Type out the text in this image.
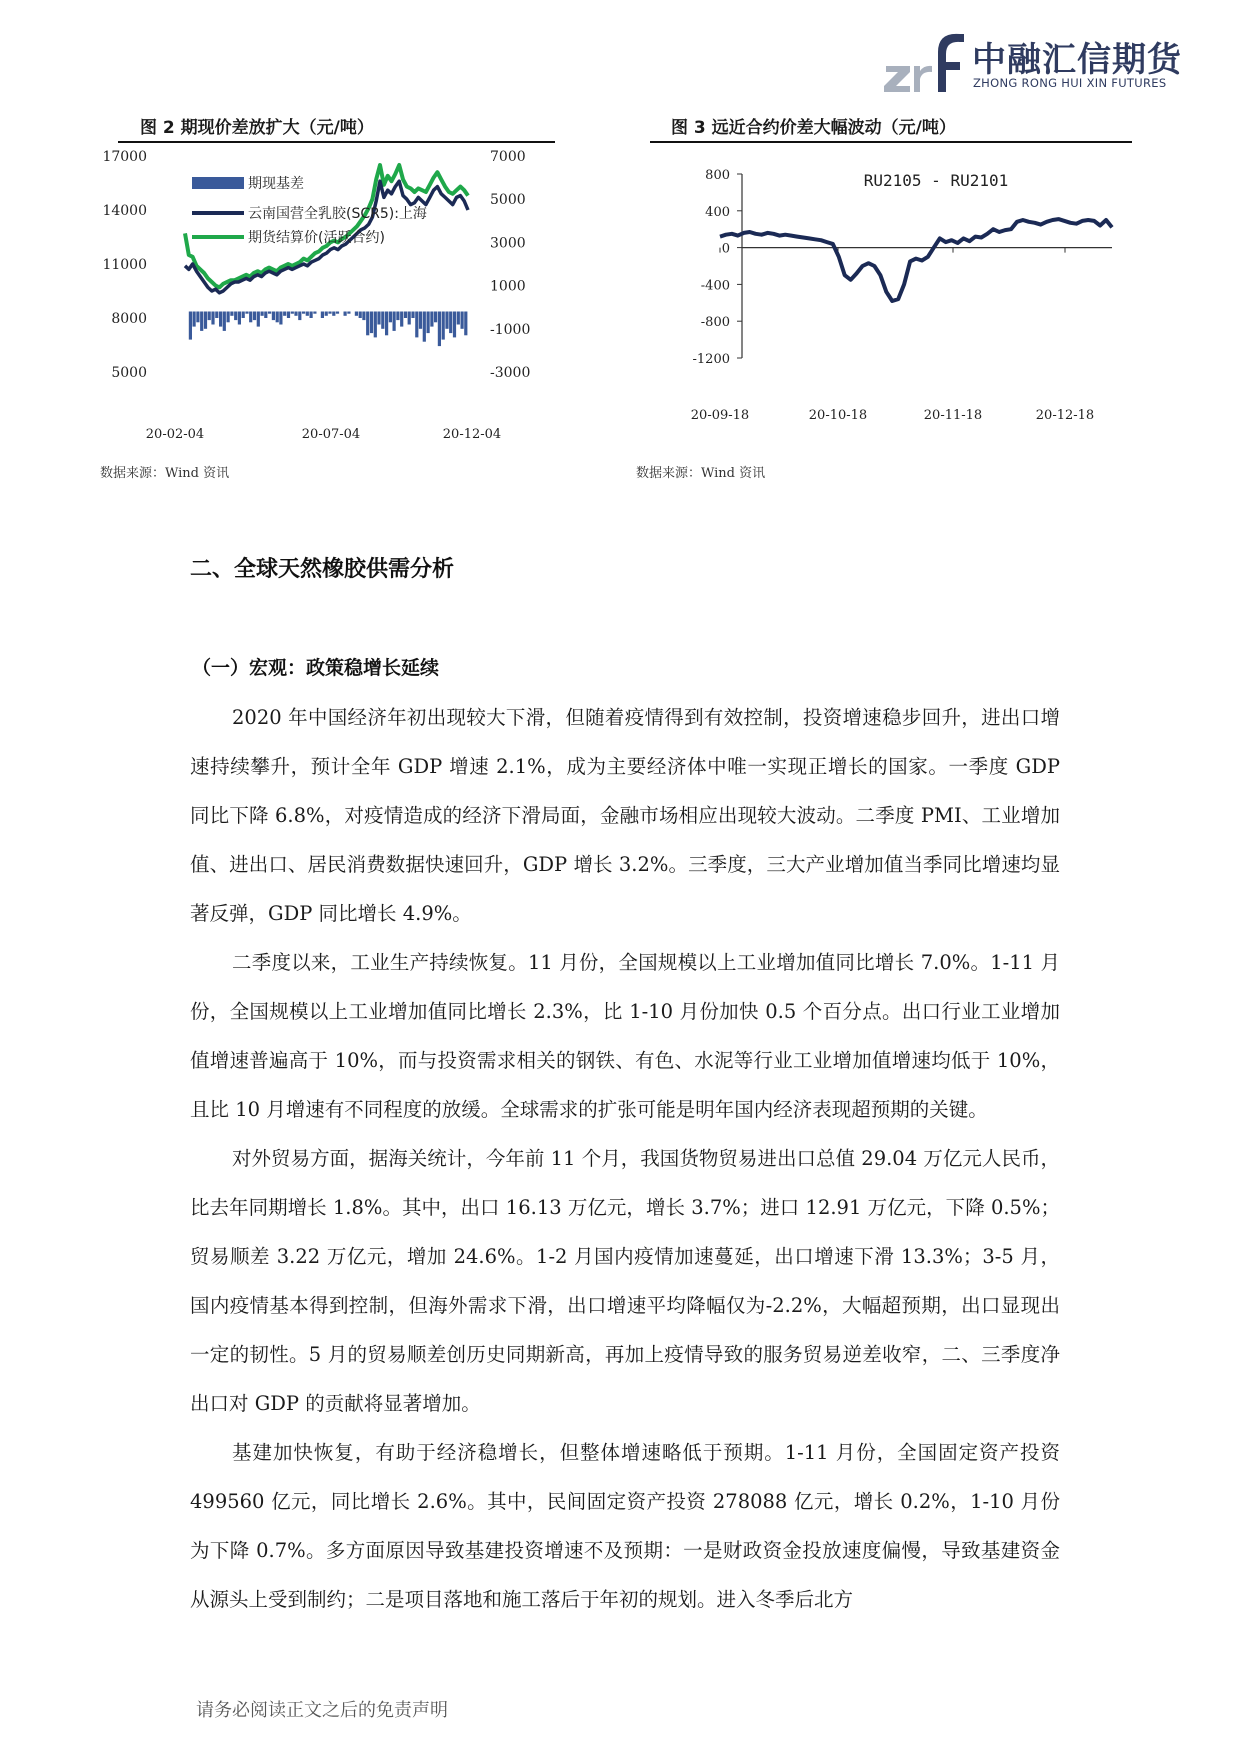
中融汇信期货
ZHONG RONG HUI XIN FUTURES
图 2 期现价差放扩大（元/吨）	图 3 远近合约价差大幅波动（元/吨）
期现基差
云南国营全乳胶(SCR5):上海
期货结算价(活跃合约)
17000
14000
11000
8000
5000
7000
5000
3000
1000
-1000
-3000
20-02-04	20-07-04	20-12-04
数据来源：Wind 资讯
RU2105 - RU2101
800
400
0
-400
-800
-1200
20-09-18	20-10-18	20-11-18	20-12-18
数据来源：Wind 资讯
二、全球天然橡胶供需分析
（一）宏观：政策稳增长延续

2020 年中国经济年初出现较大下滑，但随着疫情得到有效控制，投资增速稳步回升，进出口增速持续攀升，预计全年 GDP 增速 2.1%，成为主要经济体中唯一实现正增长的国家。一季度 GDP 同比下降 6.8%，对疫情造成的经济下滑局面，金融市场相应出现较大波动。二季度 PMI、工业增加值、进出口、居民消费数据快速回升，GDP 增长 3.2%。三季度，三大产业增加值当季同比增速均显著反弹，GDP 同比增长 4.9%。

二季度以来，工业生产持续恢复。11 月份，全国规模以上工业增加值同比增长 7.0%。1-11 月份，全国规模以上工业增加值同比增长 2.3%，比 1-10 月份加快 0.5 个百分点。出口行业工业增加值增速普遍高于 10%，而与投资需求相关的钢铁、有色、水泥等行业工业增加值增速均低于 10%，且比 10 月增速有不同程度的放缓。全球需求的扩张可能是明年国内经济表现超预期的关键。

对外贸易方面，据海关统计，今年前 11 个月，我国货物贸易进出口总值 29.04 万亿元人民币，比去年同期增长 1.8%。其中，出口 16.13 万亿元，增长 3.7%；进口 12.91 万亿元，下降 0.5%；贸易顺差 3.22 万亿元，增加 24.6%。1-2 月国内疫情加速蔓延，出口增速下滑 13.3%；3-5 月，国内疫情基本得到控制，但海外需求下滑，出口增速平均降幅仅为-2.2%，大幅超预期，出口显现出一定的韧性。5 月的贸易顺差创历史同期新高，再加上疫情导致的服务贸易逆差收窄，二、三季度净出口对 GDP 的贡献将显著增加。

基建加快恢复，有助于经济稳增长，但整体增速略低于预期。1-11 月份，全国固定资产投资 499560 亿元，同比增长 2.6%。其中，民间固定资产投资 278088 亿元，增长 0.2%，1-10 月份为下降 0.7%。多方面原因导致基建投资增速不及预期：一是财政资金投放速度偏慢，导致基建资金从源头上受到制约；二是项目落地和施工落后于年初的规划。进入冬季后北方

请务必阅读正文之后的免责声明
